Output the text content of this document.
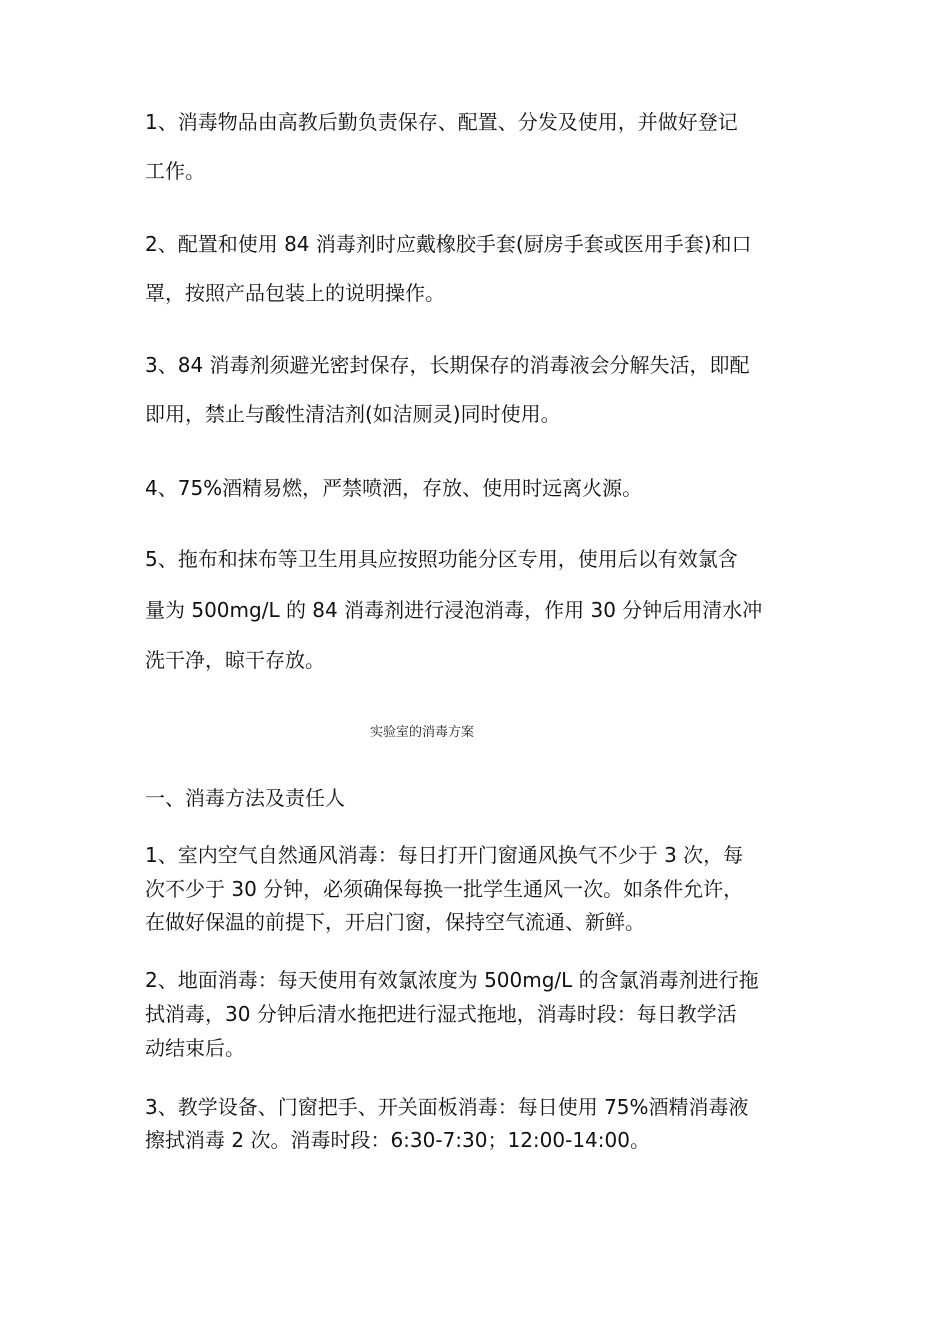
1、消毒物品由高教后勤负责保存、配置、分发及使用，并做好登记

工作。

2、配置和使用 84 消毒剂时应戴橡胶手套(厨房手套或医用手套)和口

罩，按照产品包装上的说明操作。

3、84 消毒剂须避光密封保存，长期保存的消毒液会分解失活，即配

即用，禁止与酸性清洁剂(如洁厕灵)同时使用。

4、75%酒精易燃，严禁喷洒，存放、使用时远离火源。

5、拖布和抹布等卫生用具应按照功能分区专用，使用后以有效氯含

量为 500mg/L 的 84 消毒剂进行浸泡消毒，作用 30 分钟后用清水冲

洗干净，晾干存放。

实验室的消毒方案

一、消毒方法及责任人

1、室内空气自然通风消毒：每日打开门窗通风换气不少于 3 次，每

次不少于 30 分钟，必须确保每换一批学生通风一次。如条件允许，

在做好保温的前提下，开启门窗，保持空气流通、新鲜。

2、地面消毒：每天使用有效氯浓度为 500mg/L 的含氯消毒剂进行拖

拭消毒，30 分钟后清水拖把进行湿式拖地，消毒时段：每日教学活

动结束后。

3、教学设备、门窗把手、开关面板消毒：每日使用 75%酒精消毒液

擦拭消毒 2 次。消毒时段：6:30-7:30；12:00-14:00。
